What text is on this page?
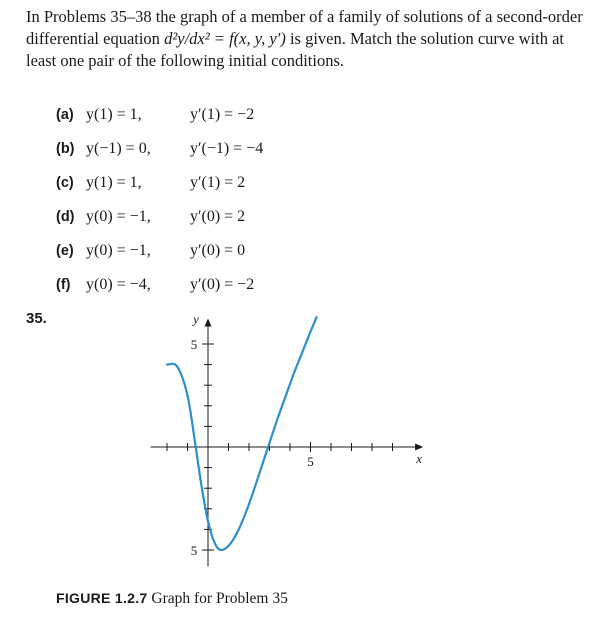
In Problems 35–38 the graph of a member of a family of solutions of a second-order differential equation d²y/dx² = f(x, y, y′) is given. Match the solution curve with at least one pair of the following initial conditions.

(a) y(1) = 1,	y′(1) = −2
(b) y(−1) = 0, y′(−1) = −4
(c) y(1) = 1,	y′(1) = 2
(d) y(0) = −1, y′(0) = 2
(e) y(0) = −1, y′(0) = 0
(f) y(0) = −4, y′(0) = −2
35.	y
x
5
5
5
FIGURE 1.2.7 Graph for Problem 35
